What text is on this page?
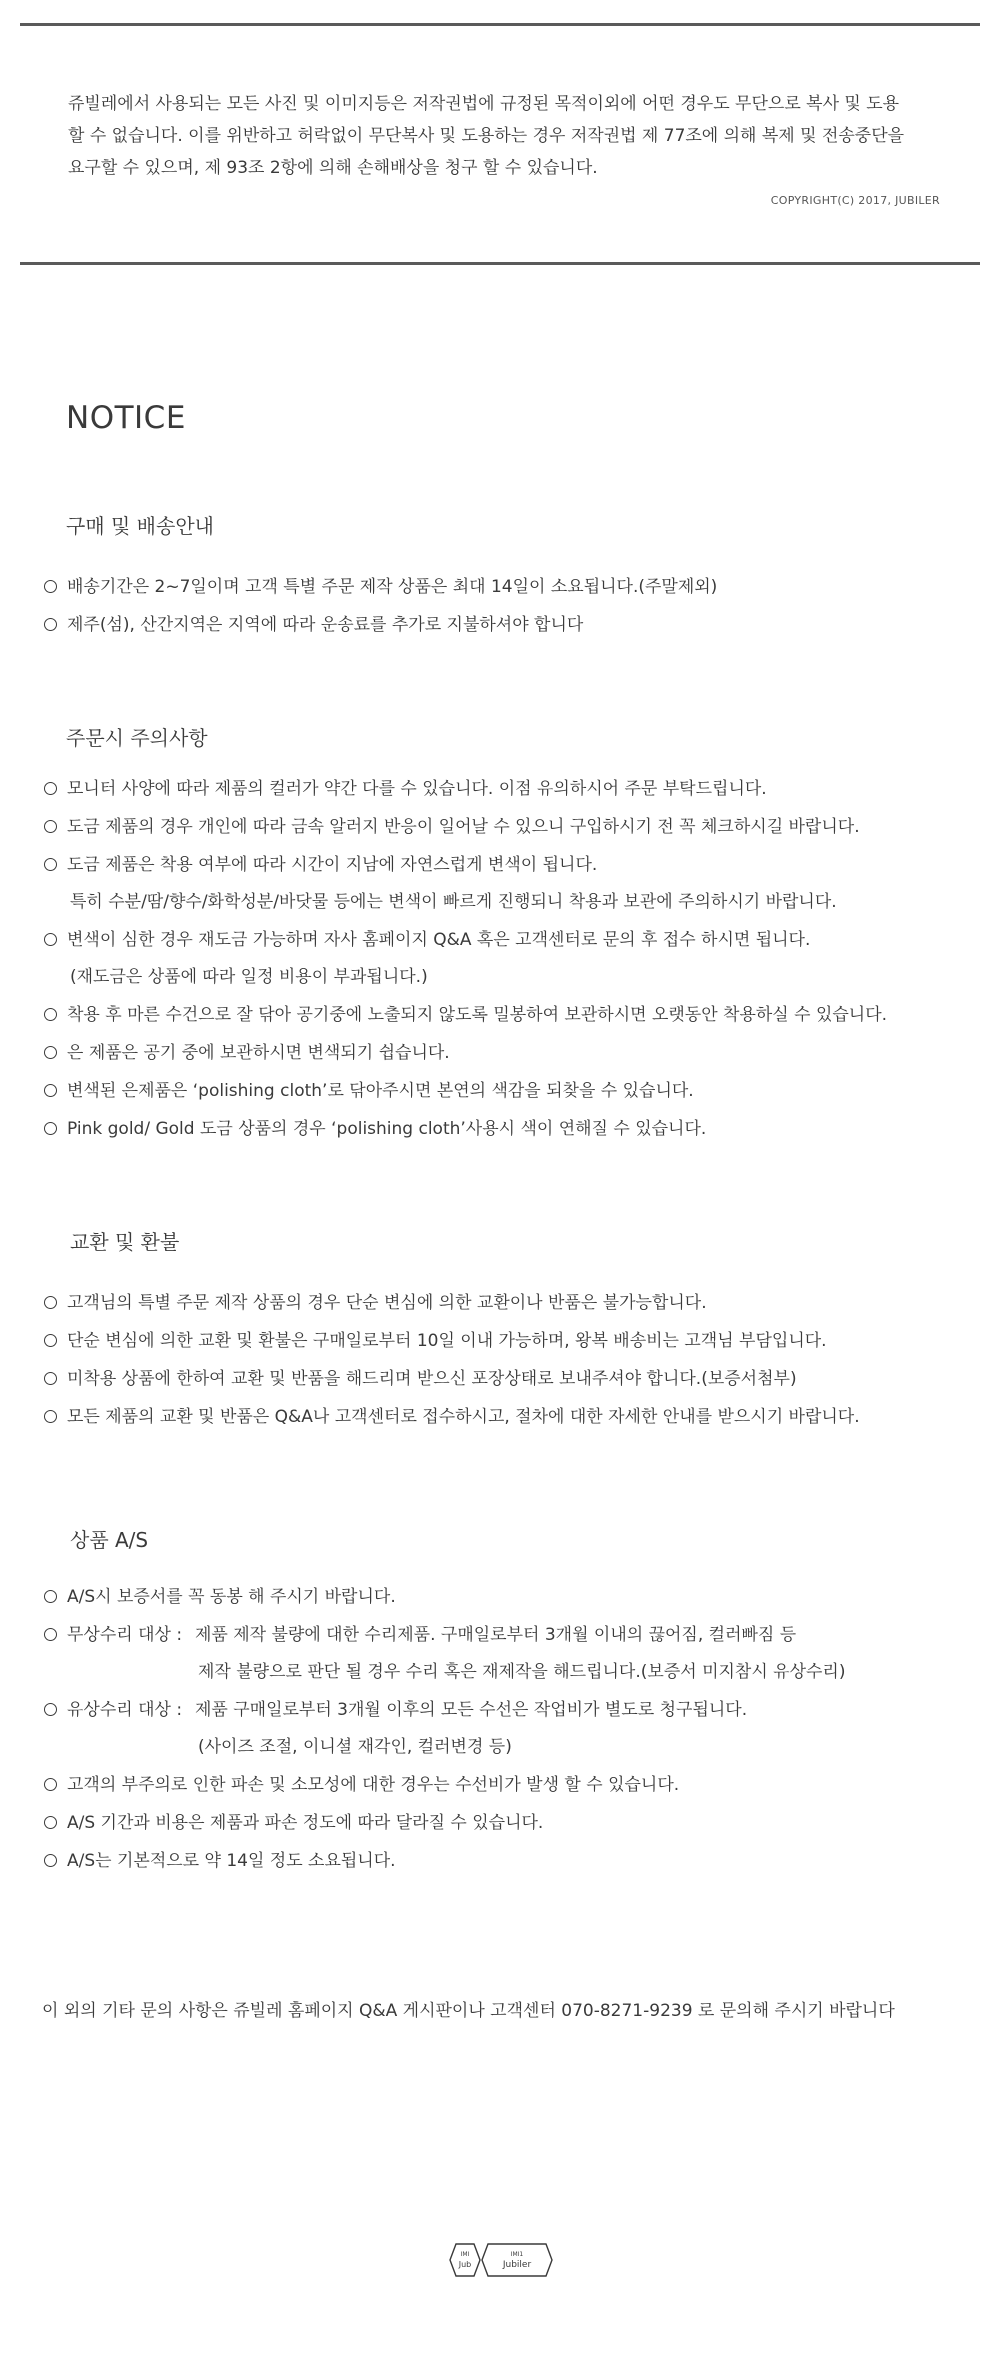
쥬빌레에서 사용되는 모든 사진 및 이미지등은 저작권법에 규정된 목적이외에 어떤 경우도 무단으로 복사 및 도용
할 수 없습니다. 이를 위반하고 허락없이 무단복사 및 도용하는 경우 저작권법 제 77조에 의해 복제 및 전송중단을
요구할 수 있으며, 제 93조 2항에 의해 손해배상을 청구 할 수 있습니다.
COPYRIGHT(C) 2017, JUBILER
NOTICE
구매 및 배송안내
배송기간은 2~7일이며 고객 특별 주문 제작 상품은 최대 14일이 소요됩니다.(주말제외)
제주(섬), 산간지역은 지역에 따라 운송료를 추가로 지불하셔야 합니다
주문시 주의사항
모니터 사양에 따라 제품의 컬러가 약간 다를 수 있습니다. 이점 유의하시어 주문 부탁드립니다.
도금 제품의 경우 개인에 따라 금속 알러지 반응이 일어날 수 있으니 구입하시기 전 꼭 체크하시길 바랍니다.
도금 제품은 착용 여부에 따라 시간이 지남에 자연스럽게 변색이 됩니다.
특히 수분/땀/향수/화학성분/바닷물 등에는 변색이 빠르게 진행되니 착용과 보관에 주의하시기 바랍니다.
변색이 심한 경우 재도금 가능하며 자사 홈페이지 Q&A 혹은 고객센터로 문의 후 접수 하시면 됩니다.
(재도금은 상품에 따라 일정 비용이 부과됩니다.)
착용 후 마른 수건으로 잘 닦아 공기중에 노출되지 않도록 밀봉하여 보관하시면 오랫동안 착용하실 수 있습니다.
은 제품은 공기 중에 보관하시면 변색되기 쉽습니다.
변색된 은제품은 ‘polishing cloth’로 닦아주시면 본연의 색감을 되찾을 수 있습니다.
Pink gold/ Gold 도금 상품의 경우 ‘polishing cloth’사용시 색이 연해질 수 있습니다.
교환 및 환불
고객님의 특별 주문 제작 상품의 경우 단순 변심에 의한 교환이나 반품은 불가능합니다.
단순 변심에 의한 교환 및 환불은 구매일로부터 10일 이내 가능하며, 왕복 배송비는 고객님 부담입니다.
미착용 상품에 한하여 교환 및 반품을 해드리며 받으신 포장상태로 보내주셔야 합니다.(보증서첨부)
모든 제품의 교환 및 반품은 Q&A나 고객센터로 접수하시고, 절차에 대한 자세한 안내를 받으시기 바랍니다.
상품 A/S
A/S시 보증서를 꼭 동봉 해 주시기 바랍니다.
무상수리 대상 : 제품 제작 불량에 대한 수리제품. 구매일로부터 3개월 이내의 끊어짐, 컬러빠짐 등
제작 불량으로 판단 될 경우 수리 혹은 재제작을 해드립니다.(보증서 미지참시 유상수리)
유상수리 대상 : 제품 구매일로부터 3개월 이후의 모든 수선은 작업비가 별도로 청구됩니다.
(사이즈 조절, 이니셜 재각인, 컬러변경 등)
고객의 부주의로 인한 파손 및 소모성에 대한 경우는 수선비가 발생 할 수 있습니다.
A/S 기간과 비용은 제품과 파손 정도에 따라 달라질 수 있습니다.
A/S는 기본적으로 약 14일 정도 소요됩니다.
이 외의 기타 문의 사항은 쥬빌레 홈페이지 Q&A 게시판이나 고객센터 070-8271-9239 로 문의해 주시기 바랍니다
IMI
Jub
IMI1
Jubiler
